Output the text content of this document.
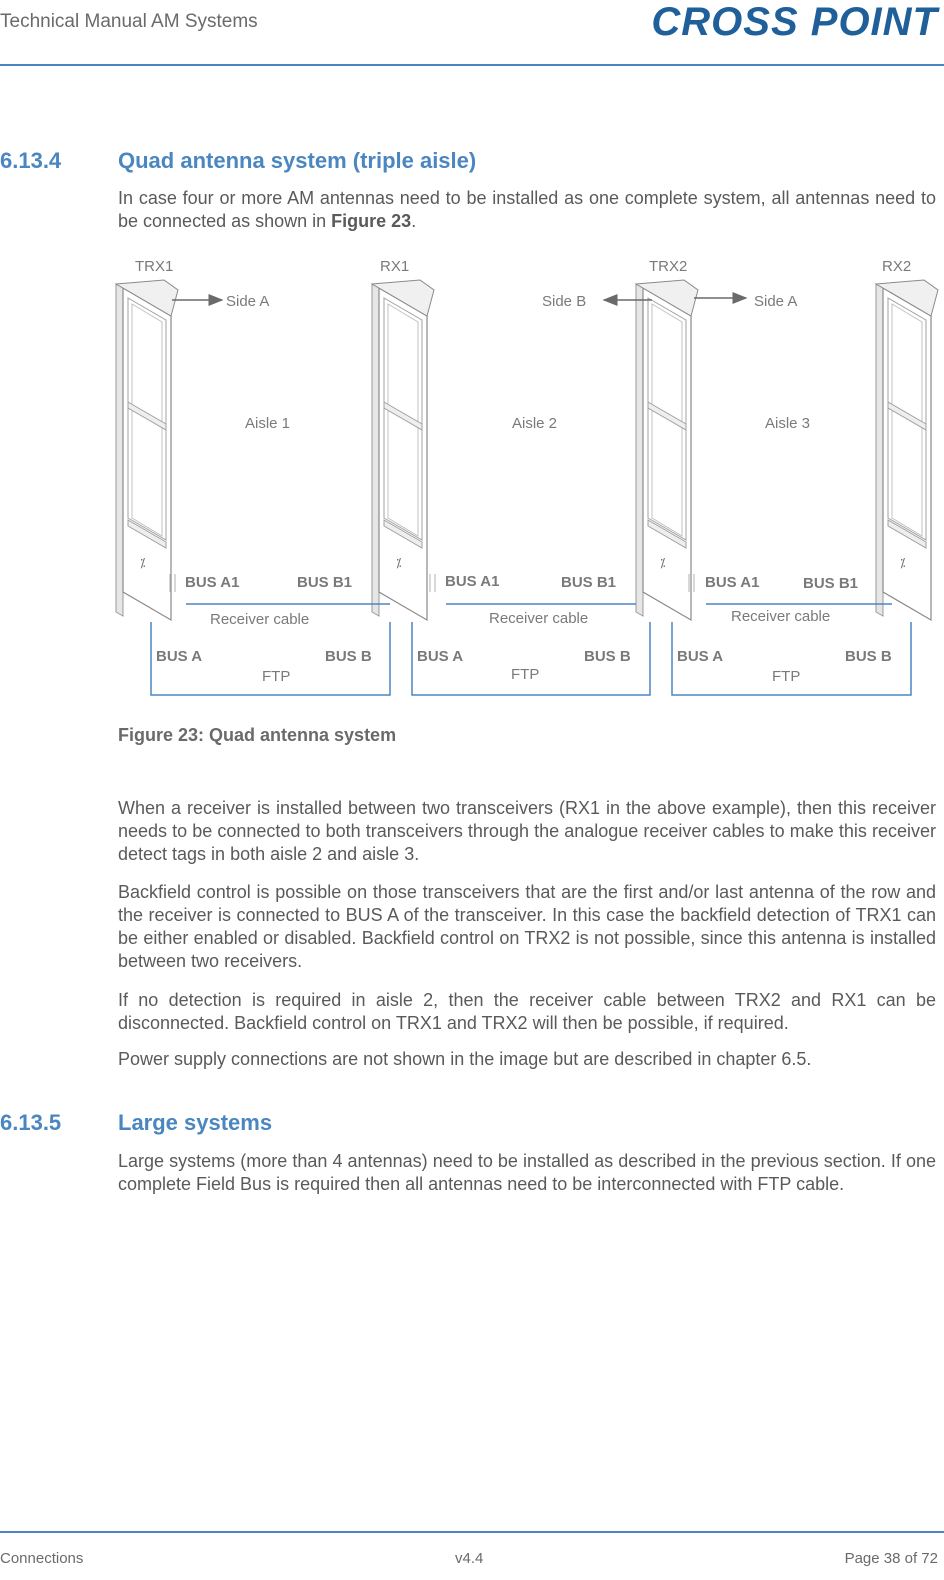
Technical Manual AM Systems	CROSS POINT
6.13.4	Quad antenna system (triple aisle)

In case four or more AM antennas need to be installed as one complete system, all antennas need to be connected as shown in Figure 23.

⁒
TRX1	RX1	TRX2	RX2
Side A	Side B	Side A
Aisle 1	Aisle 2	Aisle 3
BUS A1	BUS B1	BUS A1	BUS B1	BUS A1	BUS B1
Receiver cable	Receiver cable	Receiver cable
BUS A	BUS B
FTP
BUS A	BUS B
FTP
BUS A	BUS B
FTP
Figure 23: Quad antenna system

When a receiver is installed between two transceivers (RX1 in the above example), then this receiver needs to be connected to both transceivers through the analogue receiver cables to make this receiver detect tags in both aisle 2 and aisle 3.

Backfield control is possible on those transceivers that are the first and/or last antenna of the row and the receiver is connected to BUS A of the transceiver. In this case the backfield detection of TRX1 can be either enabled or disabled. Backfield control on TRX2 is not possible, since this antenna is installed between two receivers.

If no detection is required in aisle 2, then the receiver cable between TRX2 and RX1 can be disconnected. Backfield control on TRX1 and TRX2 will then be possible, if required.

Power supply connections are not shown in the image but are described in chapter 6.5.

6.13.5	Large systems

Large systems (more than 4 antennas) need to be installed as described in the previous section. If one complete Field Bus is required then all antennas need to be interconnected with FTP cable.

Connections	v4.4	Page 38 of 72
